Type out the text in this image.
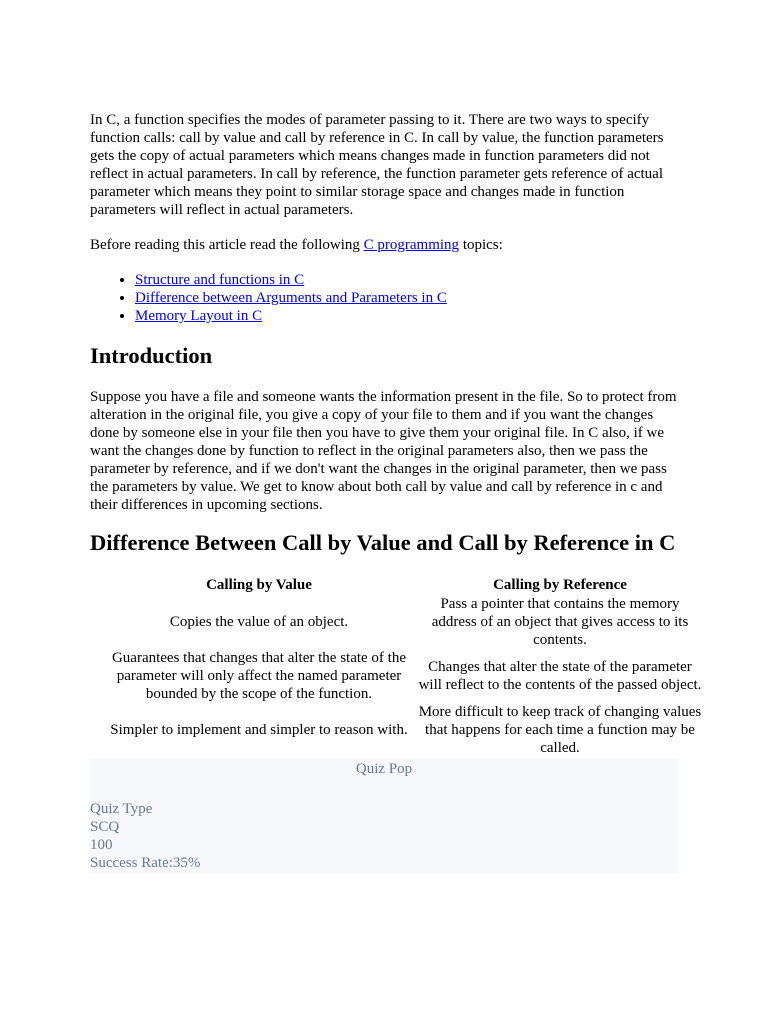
In C, a function specifies the modes of parameter passing to it. There are two ways to specify function calls: call by value and call by reference in C. In call by value, the function parameters gets the copy of actual parameters which means changes made in function parameters did not reflect in actual parameters. In call by reference, the function parameter gets reference of actual parameter which means they point to similar storage space and changes made in function parameters will reflect in actual parameters.

Before reading this article read the following C programming topics:

• Structure and functions in C
• Difference between Arguments and Parameters in C
• Memory Layout in C
Introduction

Suppose you have a file and someone wants the information present in the file. So to protect from alteration in the original file, you give a copy of your file to them and if you want the changes done by someone else in your file then you have to give them your original file. In C also, if we want the changes done by function to reflect in the original parameters also, then we pass the parameter by reference, and if we don't want the changes in the original parameter, then we pass the parameters by value. We get to know about both call by value and call by reference in c and their differences in upcoming sections.

Difference Between Call by Value and Call by Reference in C
Calling by Value	Calling by Reference
Copies the value of an object.	Pass a pointer that contains the memory address of an object that gives access to its contents.
Guarantees that changes that alter the state of the parameter will only affect the named parameter bounded by the scope of the function.	Changes that alter the state of the parameter will reflect to the contents of the passed object.
Simpler to implement and simpler to reason with.	More difficult to keep track of changing values that happens for each time a function may be called.
Quiz Pop
Quiz Type
SCQ
100
Success Rate:35%
